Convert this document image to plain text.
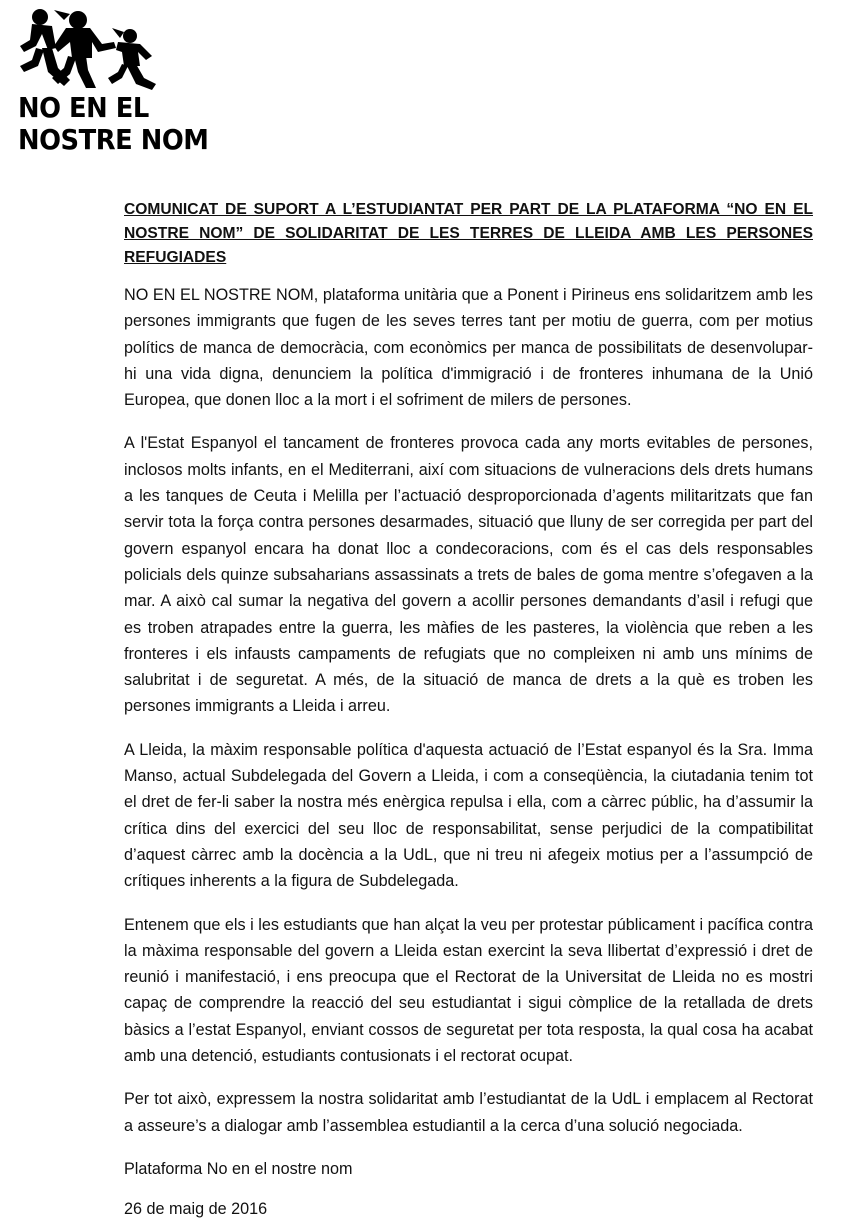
NO EN EL
NOSTRE NOM
COMUNICAT DE SUPORT A L’ESTUDIANTAT PER PART DE LA PLATAFORMA “NO EN EL NOSTRE NOM” DE SOLIDARITAT DE LES TERRES DE LLEIDA AMB LES PERSONES REFUGIADES

NO EN EL NOSTRE NOM, plataforma unitària que a Ponent i Pirineus ens solidaritzem amb les persones immigrants que fugen de les seves terres tant per motiu de guerra, com per motius polítics de manca de democràcia, com econòmics per manca de possibilitats de desenvolupar-hi una vida digna, denunciem la política d'immigració i de fronteres inhumana de la Unió Europea, que donen lloc a la mort i el sofriment de milers de persones.

A l'Estat Espanyol el tancament de fronteres provoca cada any morts evitables de persones, inclosos molts infants, en el Mediterrani, així com situacions de vulneracions dels drets humans a les tanques de Ceuta i Melilla per l’actuació desproporcionada d’agents militaritzats que fan servir tota la força contra persones desarmades, situació que lluny de ser corregida per part del govern espanyol encara ha donat lloc a condecoracions, com és el cas dels responsables policials dels quinze subsaharians assassinats a trets de bales de goma mentre s’ofegaven a la mar. A això cal sumar la negativa del govern a acollir persones demandants d’asil i refugi que es troben atrapades entre la guerra, les màfies de les pasteres, la violència que reben a les fronteres i els infausts campaments de refugiats que no compleixen ni amb uns mínims de salubritat i de seguretat. A més, de la situació de manca de drets a la què es troben les persones immigrants a Lleida i arreu.

A Lleida, la màxim responsable política d'aquesta actuació de l’Estat espanyol és la Sra. Imma Manso, actual Subdelegada del Govern a Lleida, i com a conseqüència, la ciutadania tenim tot el dret de fer-li saber la nostra més enèrgica repulsa i ella, com a càrrec públic, ha d’assumir la crítica dins del exercici del seu lloc de responsabilitat, sense perjudici de la compatibilitat d’aquest càrrec amb la docència a la UdL, que ni treu ni afegeix motius per a l’assumpció de crítiques inherents a la figura de Subdelegada.

Entenem que els i les estudiants que han alçat la veu per protestar públicament i pacífica contra la màxima responsable del govern a Lleida estan exercint la seva llibertat d’expressió i dret de reunió i manifestació, i ens preocupa que el Rectorat de la Universitat de Lleida no es mostri capaç de comprendre la reacció del seu estudiantat i sigui còmplice de la retallada de drets bàsics a l’estat Espanyol, enviant cossos de seguretat per tota resposta, la qual cosa ha acabat amb una detenció, estudiants contusionats i el rectorat ocupat.

Per tot això, expressem la nostra solidaritat amb l’estudiantat de la UdL i emplacem al Rectorat a asseure’s a dialogar amb l’assemblea estudiantil a la cerca d’una solució negociada.

Plataforma No en el nostre nom

26 de maig de 2016
